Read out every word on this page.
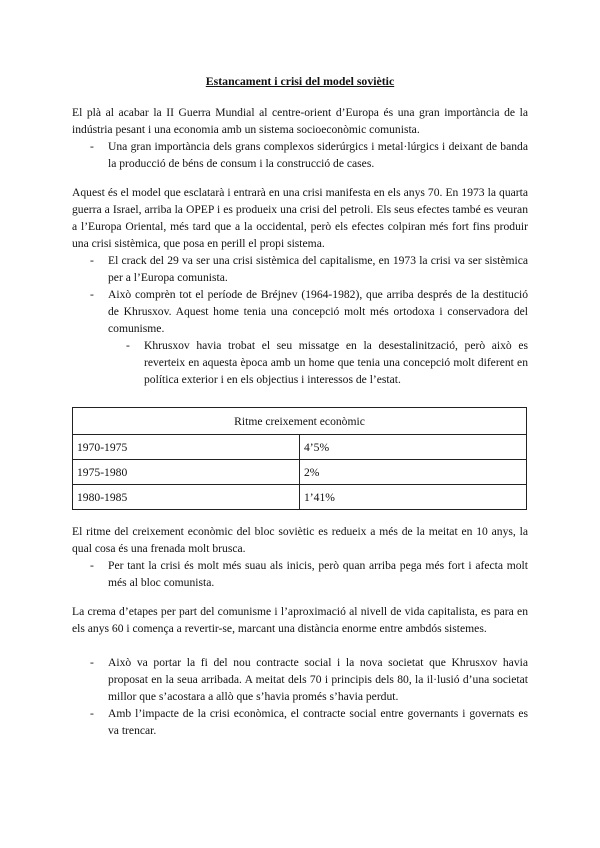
Estancament i crisi del model soviètic

El plà al acabar la II Guerra Mundial al centre-orient d’Europa és una gran importància de la indústria pesant i una economia amb un sistema socioeconòmic comunista.

- Una gran importància dels grans complexos siderúrgics i metal·lúrgics i deixant de banda la producció de béns de consum i la construcció de cases.

Aquest és el model que esclatarà i entrarà en una crisi manifesta en els anys 70. En 1973 la quarta guerra a Israel, arriba la OPEP i es produeix una crisi del petroli. Els seus efectes també es veuran a l’Europa Oriental, més tard que a la occidental, però els efectes colpiran més fort fins produir una crisi sistèmica, que posa en perill el propi sistema.

- El crack del 29 va ser una crisi sistèmica del capitalisme, en 1973 la crisi va ser sistèmica per a l’Europa comunista.
- Això comprèn tot el període de Bréjnev (1964-1982), que arriba després de la destitució de Khrusxov. Aquest home tenia una concepció molt més ortodoxa i conservadora del comunisme.
- Khrusxov havia trobat el seu missatge en la desestalinització, però això es reverteix en aquesta època amb un home que tenia una concepció molt diferent en política exterior i en els objectius i interessos de l’estat.
Ritme creixement econòmic	
1970-1975	4’5%
1975-1980	2%
1980-1985	1’41%

El ritme del creixement econòmic del bloc soviètic es redueix a més de la meitat en 10 anys, la qual cosa és una frenada molt brusca.

- Per tant la crisi és molt més suau als inicis, però quan arriba pega més fort i afecta molt més al bloc comunista.

La crema d’etapes per part del comunisme i l’aproximació al nivell de vida capitalista, es para en els anys 60 i comença a revertir-se, marcant una distància enorme entre ambdós sistemes.

- Això va portar la fi del nou contracte social i la nova societat que Khrusxov havia proposat en la seua arribada. A meitat dels 70 i principis dels 80, la il·lusió d’una societat millor que s’acostara a allò que s’havia promés s’havia perdut.
- Amb l’impacte de la crisi econòmica, el contracte social entre governants i governats es va trencar.
